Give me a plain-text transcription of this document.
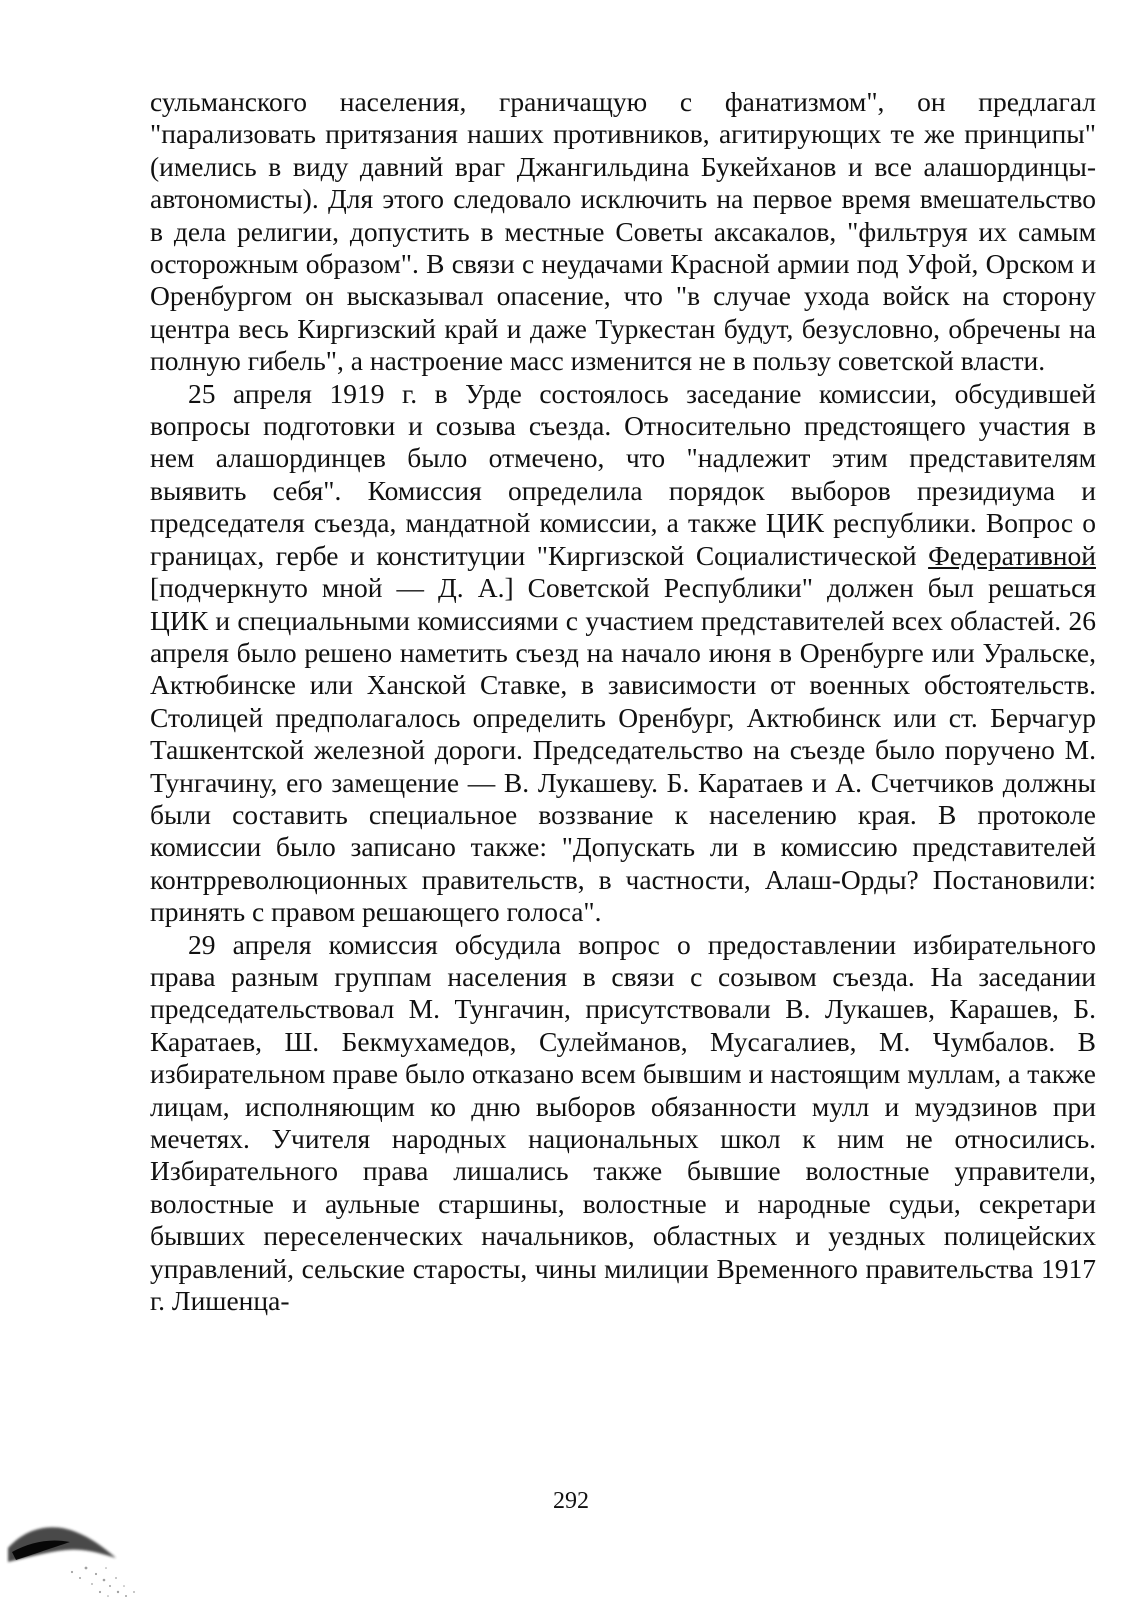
сульманского населения, граничащую с фанатизмом", он предлагал "парализовать притязания наших противников, агитирующих те же принципы" (имелись в виду давний враг Джангильдина Букейханов и все алашординцы-автономисты). Для этого следовало исключить на первое время вмешательство в дела религии, допустить в местные Советы аксакалов, "фильтруя их самым осторожным образом". В связи с неудачами Красной армии под Уфой, Орском и Оренбургом он высказывал опасение, что "в случае ухода войск на сторону центра весь Киргизский край и даже Туркестан будут, безусловно, обречены на полную гибель", а настроение масс изменится не в пользу советской власти.

25 апреля 1919 г. в Урде состоялось заседание комиссии, обсудившей вопросы подготовки и созыва съезда. Относительно предстоящего участия в нем алашординцев было отмечено, что "надлежит этим представителям выявить себя". Комиссия определила порядок выборов президиума и председателя съезда, мандатной комиссии, а также ЦИК республики. Вопрос о границах, гербе и конституции "Киргизской Социалистической Федеративной [подчеркнуто мной — Д. А.] Советской Республики" должен был решаться ЦИК и специальными комиссиями с участием представителей всех областей. 26 апреля было решено наметить съезд на начало июня в Оренбурге или Уральске, Актюбинске или Ханской Ставке, в зависимости от военных обстоятельств. Столицей предполагалось определить Оренбург, Актюбинск или ст. Берчагур Ташкентской железной дороги. Председательство на съезде было поручено М. Тунгачину, его замещение — В. Лукашеву. Б. Каратаев и А. Счетчиков должны были составить специальное воззвание к населению края. В протоколе комиссии было записано также: "Допускать ли в комиссию представителей контрреволюционных правительств, в частности, Алаш-Орды? Постановили: принять с правом решающего голоса".

29 апреля комиссия обсудила вопрос о предоставлении избирательного права разным группам населения в связи с созывом съезда. На заседании председательствовал М. Тунгачин, присутствовали В. Лукашев, Карашев, Б. Каратаев, Ш. Бекмухамедов, Сулейманов, Мусагалиев, М. Чумбалов. В избирательном праве было отказано всем бывшим и настоящим муллам, а также лицам, исполняющим ко дню выборов обязанности мулл и муэдзинов при мечетях. Учителя народных национальных школ к ним не относились. Избирательного права лишались также бывшие волостные управители, волостные и аульные старшины, волостные и народные судьи, секретари бывших переселенческих начальников, областных и уездных полицейских управлений, сельские старосты, чины милиции Временного правительства 1917 г. Лишенца-

292
